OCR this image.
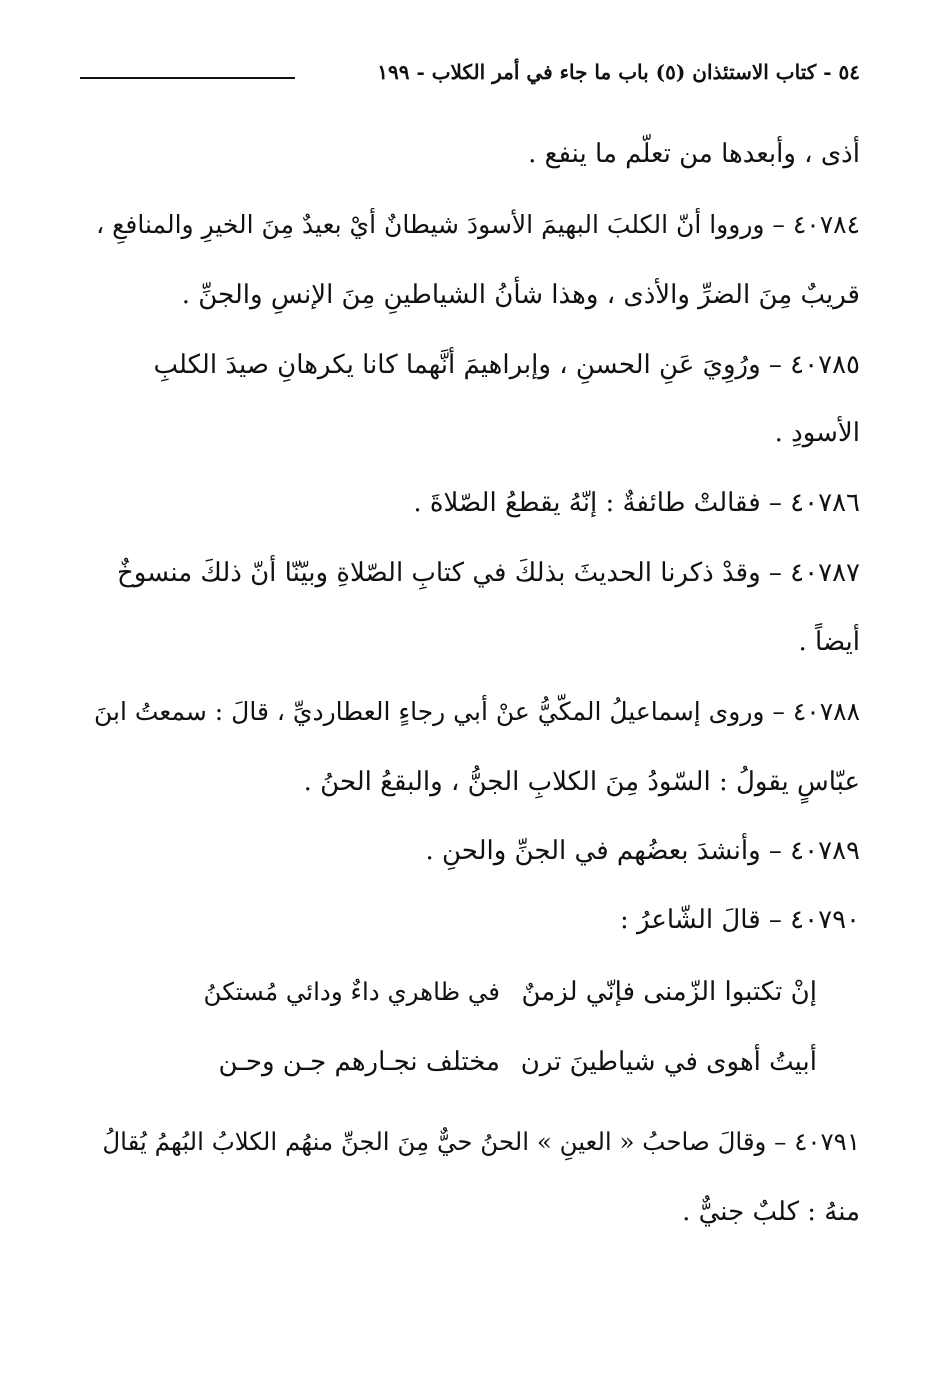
٥٤ - كتاب الاستئذان (٥) باب ما جاء في أمر الكلاب - ١٩٩
أذى ، وأبعدها من تعلّم ما ينفع .
٤٠٧٨٤ – ورووا أنّ الكلبَ البهيمَ الأسودَ شيطانٌ أيْ بعيدٌ مِنَ الخيرِ والمنافعِ ،
قريبٌ مِنَ الضرِّ والأذى ، وهذا شأنُ الشياطينِ مِنَ الإنسِ والجنِّ .
٤٠٧٨٥ – ورُوِيَ عَنِ الحسنِ ، وإبراهيمَ أنَّهما كانا يكرهانِ صيدَ الكلبِ
الأسودِ .
٤٠٧٨٦ – فقالتْ طائفةٌ : إنّهُ يقطعُ الصّلاةَ .
٤٠٧٨٧ – وقدْ ذكرنا الحديثَ بذلكَ في كتابِ الصّلاةِ وبيّنّا أنّ ذلكَ منسوخٌ
أيضاً .
٤٠٧٨٨ – وروى إسماعيلُ المكّيُّ عنْ أبي رجاءٍ العطارديِّ ، قالَ : سمعتُ ابنَ
عبّاسٍ يقولُ : السّودُ مِنَ الكلابِ الجنُّ ، والبقعُ الحنُ .
٤٠٧٨٩ – وأنشدَ بعضُهم في الجنِّ والحنِ .
٤٠٧٩٠ – قالَ الشّاعرُ :
إنْ تكتبوا الزّمنى فإنّي لزمنٌ
في ظاهري داءٌ ودائي مُستكنُ
أبيتُ أهوى في شياطينَ ترن
مختلف نجـارهم جـن وحـن
٤٠٧٩١ – وقالَ صاحبُ « العينِ » الحنُ حيٌّ مِنَ الجنِّ منهُم الكلابُ البُهمُ يُقالُ
منهُ : كلبٌ جنيٌّ .
